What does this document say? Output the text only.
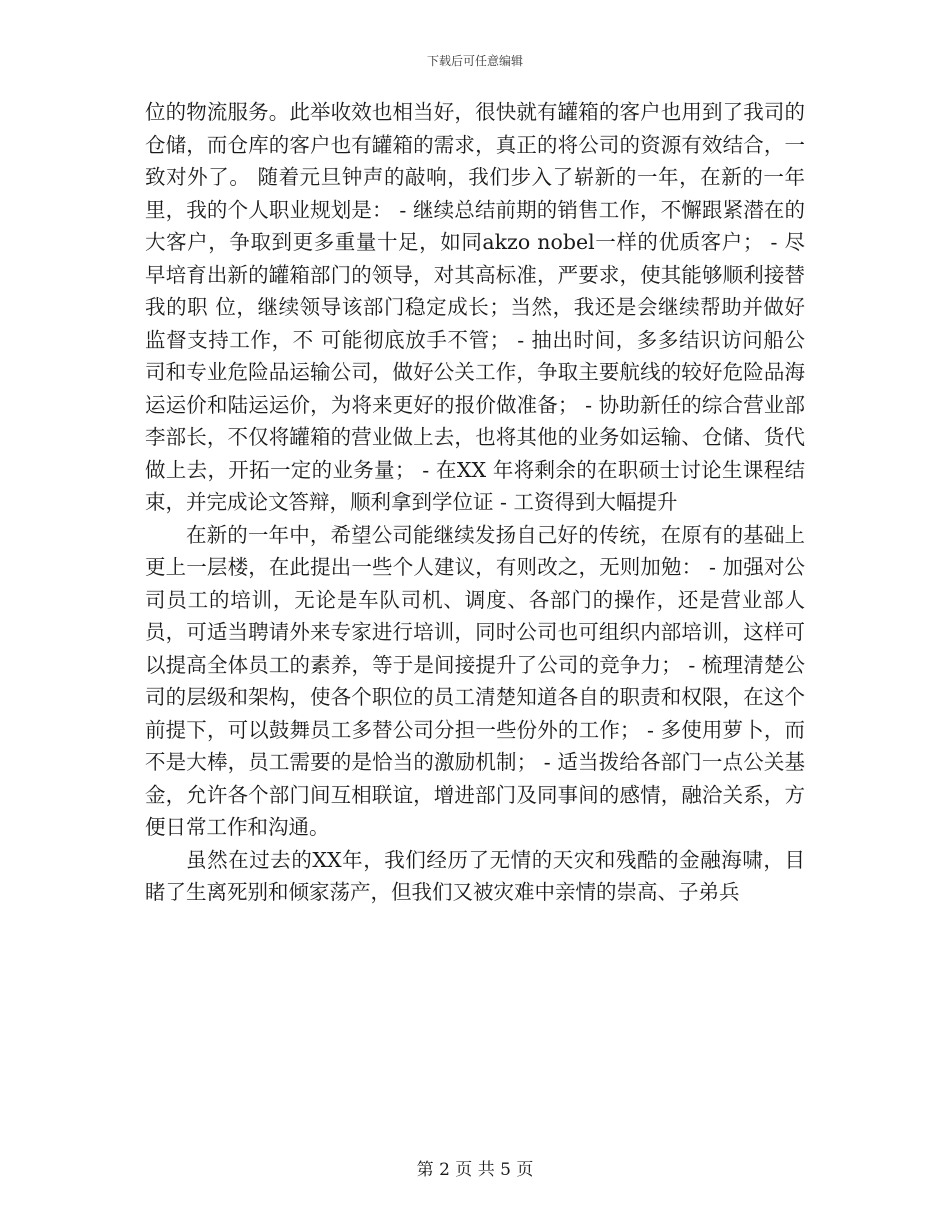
下载后可任意编辑

位的物流服务。此举收效也相当好，很快就有罐箱的客户也用到了我司的仓储，而仓库的客户也有罐箱的需求，真正的将公司的资源有效结合，一致对外了。 随着元旦钟声的敲响，我们步入了崭新的一年，在新的一年里，我的个人职业规划是： - 继续总结前期的销售工作，不懈跟紧潜在的大客户，争取到更多重量十足，如同akzo nobel一样的优质客户； - 尽早培育出新的罐箱部门的领导，对其高标准，严要求，使其能够顺利接替我的职 位，继续领导该部门稳定成长；当然，我还是会继续帮助并做好监督支持工作，不 可能彻底放手不管； - 抽出时间，多多结识访问船公司和专业危险品运输公司，做好公关工作，争取主要航线的较好危险品海运运价和陆运运价，为将来更好的报价做准备； - 协助新任的综合营业部李部长，不仅将罐箱的营业做上去，也将其他的业务如运输、仓储、货代做上去，开拓一定的业务量； - 在XX 年将剩余的在职硕士讨论生课程结束，并完成论文答辩，顺利拿到学位证 - 工资得到大幅提升

在新的一年中，希望公司能继续发扬自己好的传统，在原有的基础上更上一层楼，在此提出一些个人建议，有则改之，无则加勉： - 加强对公司员工的培训，无论是车队司机、调度、各部门的操作，还是营业部人员，可适当聘请外来专家进行培训，同时公司也可组织内部培训，这样可以提高全体员工的素养，等于是间接提升了公司的竞争力； - 梳理清楚公司的层级和架构，使各个职位的员工清楚知道各自的职责和权限，在这个前提下，可以鼓舞员工多替公司分担一些份外的工作； - 多使用萝卜，而不是大棒，员工需要的是恰当的激励机制； - 适当拨给各部门一点公关基金，允许各个部门间互相联谊，增进部门及同事间的感情，融洽关系，方便日常工作和沟通。

虽然在过去的XX年，我们经历了无情的天灾和残酷的金融海啸，目睹了生离死别和倾家荡产，但我们又被灾难中亲情的崇高、子弟兵

第 2 页 共 5 页
